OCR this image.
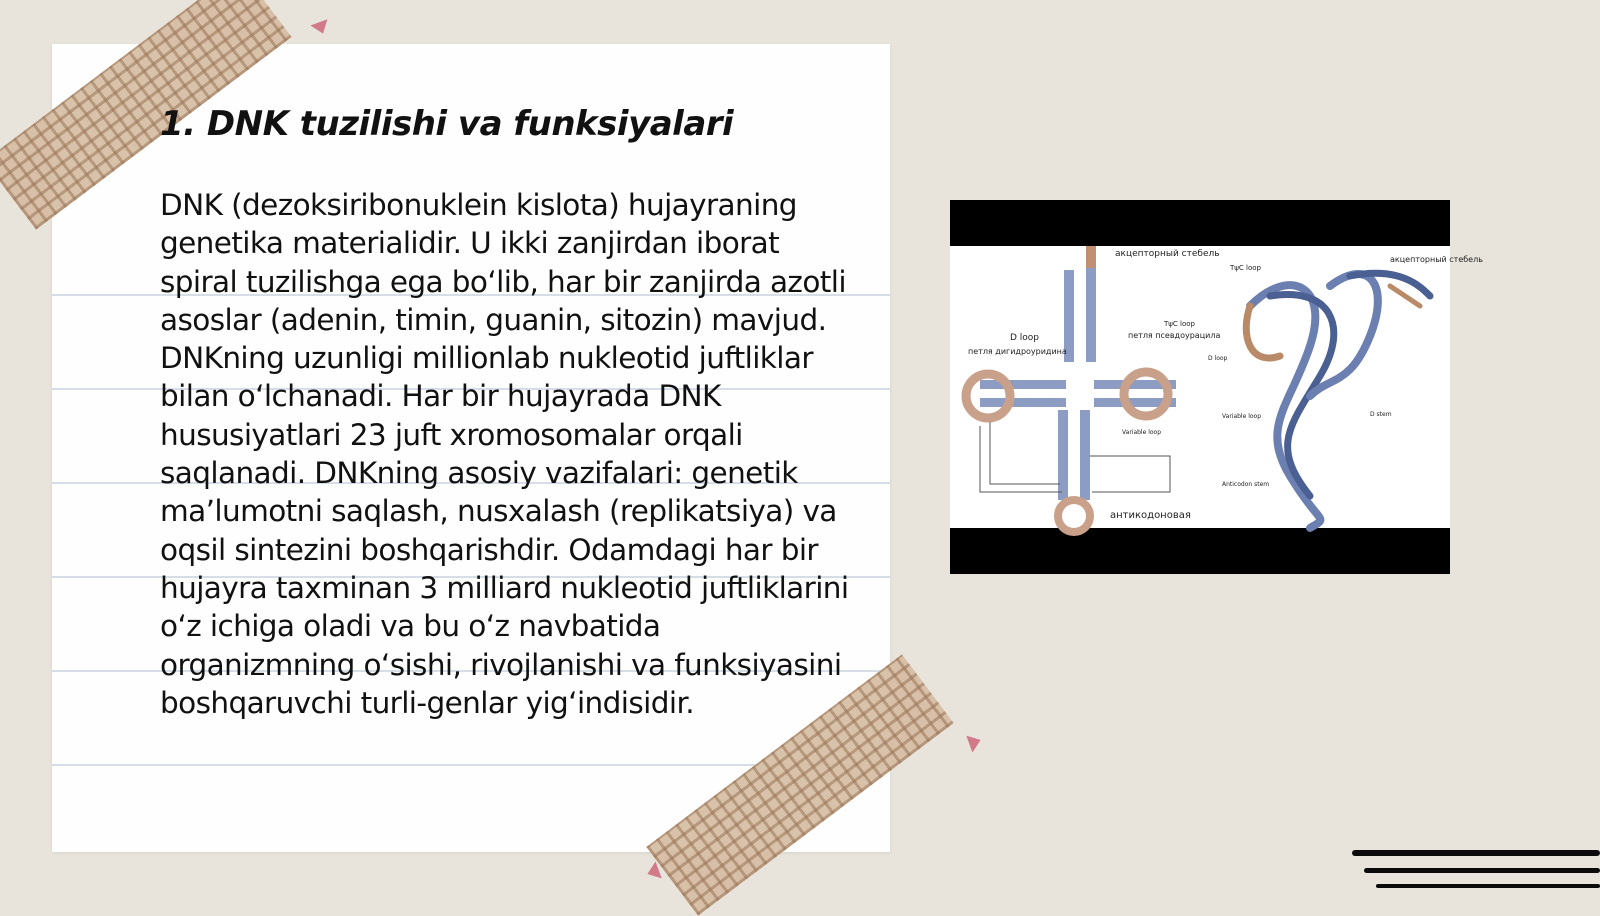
1. DNK tuzilishi va funksiyalari

DNK (dezoksiribonuklein kislota) hujayraning genetika materialidir. U ikki zanjirdan iborat spiral tuzilishga ega bo‘lib, har bir zanjirda azotli asoslar (adenin, timin, guanin, sitozin) mavjud. DNKning uzunligi millionlab nukleotid juftliklar bilan o‘lchanadi. Har bir hujayrada DNK hususiyatlari 23 juft xromosomalar orqali saqlanadi. DNKning asosiy vazifalari: genetik ma’lumotni saqlash, nusxalash (replikatsiya) va oqsil sintezini boshqarishdir. Odamdagi har bir hujayra taxminan 3 milliard nukleotid juftliklarini o‘z ichiga oladi va bu o‘z navbatida organizmning o‘sishi, rivojlanishi va funksiyasini boshqaruvchi turli-genlar yig‘indisidir.

акцепторный стебель
D loop
петля дигидроуридина
петля псевдоурацила
TψC loop
Variable loop
антикодоновая
TψC loop
акцепторный стебель
D loop
D stem
Variable loop
Anticodon stem
